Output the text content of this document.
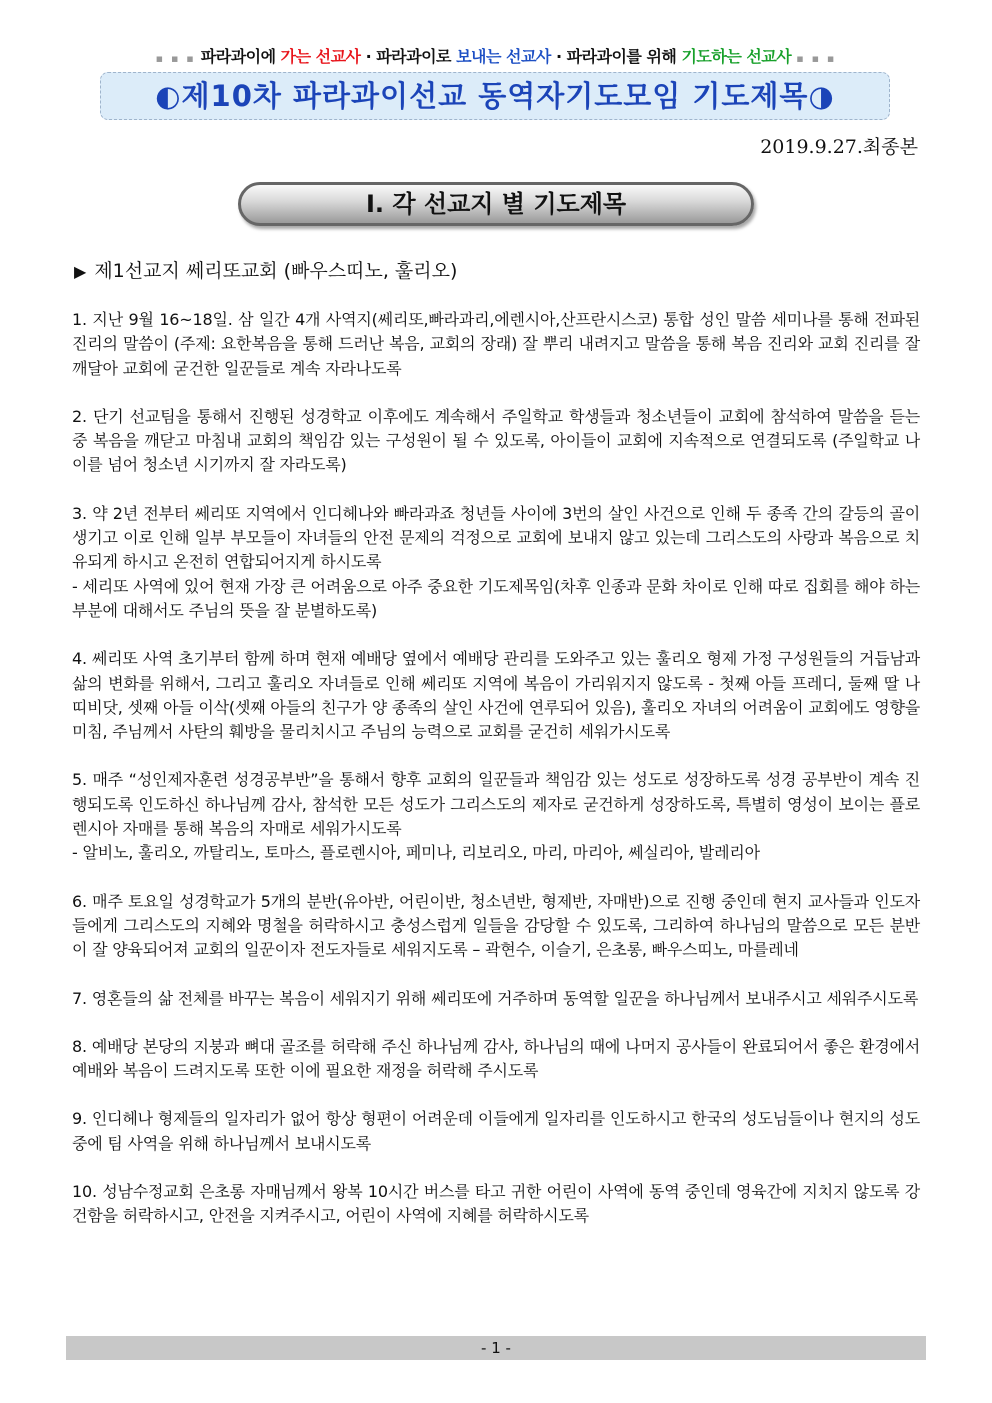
▪ ▪ ▪ 파라과이에 가는 선교사 · 파라과이로 보내는 선교사 · 파라과이를 위해 기도하는 선교사 ▪ ▪ ▪
◐제10차 파라과이선교 동역자기도모임 기도제목◑
2019.9.27.최종본
Ⅰ. 각 선교지 별 기도제목
▶ 제1선교지 쎄리또교회 (빠우스띠노, 훌리오)
1. 지난 9월 16~18일. 삼 일간 4개 사역지(쎄리또,빠라과리,에렌시아,산프란시스코) 통합 성인 말씀 세미나를 통해 전파된 진리의 말씀이 (주제: 요한복음을 통해 드러난 복음, 교회의 장래) 잘 뿌리 내려지고 말씀을 통해 복음 진리와 교회 진리를 잘 깨달아 교회에 굳건한 일꾼들로 계속 자라나도록
2. 단기 선교팀을 통해서 진행된 성경학교 이후에도 계속해서 주일학교 학생들과 청소년들이 교회에 참석하여 말씀을 듣는 중 복음을 깨닫고 마침내 교회의 책임감 있는 구성원이 될 수 있도록, 아이들이 교회에 지속적으로 연결되도록 (주일학교 나이를 넘어 청소년 시기까지 잘 자라도록)
3. 약 2년 전부터 쎄리또 지역에서 인디헤나와 빠라과죠 청년들 사이에 3번의 살인 사건으로 인해 두 종족 간의 갈등의 골이 생기고 이로 인해 일부 부모들이 자녀들의 안전 문제의 걱정으로 교회에 보내지 않고 있는데 그리스도의 사랑과 복음으로 치유되게 하시고 온전히 연합되어지게 하시도록
- 세리또 사역에 있어 현재 가장 큰 어려움으로 아주 중요한 기도제목임(차후 인종과 문화 차이로 인해 따로 집회를 해야 하는 부분에 대해서도 주님의 뜻을 잘 분별하도록)
4. 쎄리또 사역 초기부터 함께 하며 현재 예배당 옆에서 예배당 관리를 도와주고 있는 훌리오 형제 가정 구성원들의 거듭남과 삶의 변화를 위해서, 그리고 훌리오 자녀들로 인해 쎄리또 지역에 복음이 가리워지지 않도록 - 첫째 아들 프레디, 둘째 딸 나띠비닷, 셋째 아들 이삭(셋째 아들의 친구가 양 종족의 살인 사건에 연루되어 있음), 훌리오 자녀의 어려움이 교회에도 영향을 미침, 주님께서 사탄의 훼방을 물리치시고 주님의 능력으로 교회를 굳건히 세워가시도록
5. 매주 “성인제자훈련 성경공부반”을 통해서 향후 교회의 일꾼들과 책임감 있는 성도로 성장하도록 성경 공부반이 계속 진행되도록 인도하신 하나님께 감사, 참석한 모든 성도가 그리스도의 제자로 굳건하게 성장하도록, 특별히 영성이 보이는 플로렌시아 자매를 통해 복음의 자매로 세워가시도록
- 알비노, 훌리오, 까탈리노, 토마스, 플로렌시아, 페미나, 리보리오, 마리, 마리아, 쎄실리아, 발레리아
6. 매주 토요일 성경학교가 5개의 분반(유아반, 어린이반, 청소년반, 형제반, 자매반)으로 진행 중인데 현지 교사들과 인도자들에게 그리스도의 지혜와 명철을 허락하시고 충성스럽게 일들을 감당할 수 있도록, 그리하여 하나님의 말씀으로 모든 분반이 잘 양육되어져 교회의 일꾼이자 전도자들로 세워지도록 – 곽현수, 이슬기, 은초롱, 빠우스띠노, 마를레네
7. 영혼들의 삶 전체를 바꾸는 복음이 세워지기 위해 쎄리또에 거주하며 동역할 일꾼을 하나님께서 보내주시고 세워주시도록
8. 예배당 본당의 지붕과 뼈대 골조를 허락해 주신 하나님께 감사, 하나님의 때에 나머지 공사들이 완료되어서 좋은 환경에서 예배와 복음이 드려지도록 또한 이에 필요한 재정을 허락해 주시도록
9. 인디헤나 형제들의 일자리가 없어 항상 형편이 어려운데 이들에게 일자리를 인도하시고 한국의 성도님들이나 현지의 성도 중에 팀 사역을 위해 하나님께서 보내시도록
10. 성남수정교회 은초롱 자매님께서 왕복 10시간 버스를 타고 귀한 어린이 사역에 동역 중인데 영육간에 지치지 않도록 강건함을 허락하시고, 안전을 지켜주시고, 어린이 사역에 지혜를 허락하시도록
- 1 -
